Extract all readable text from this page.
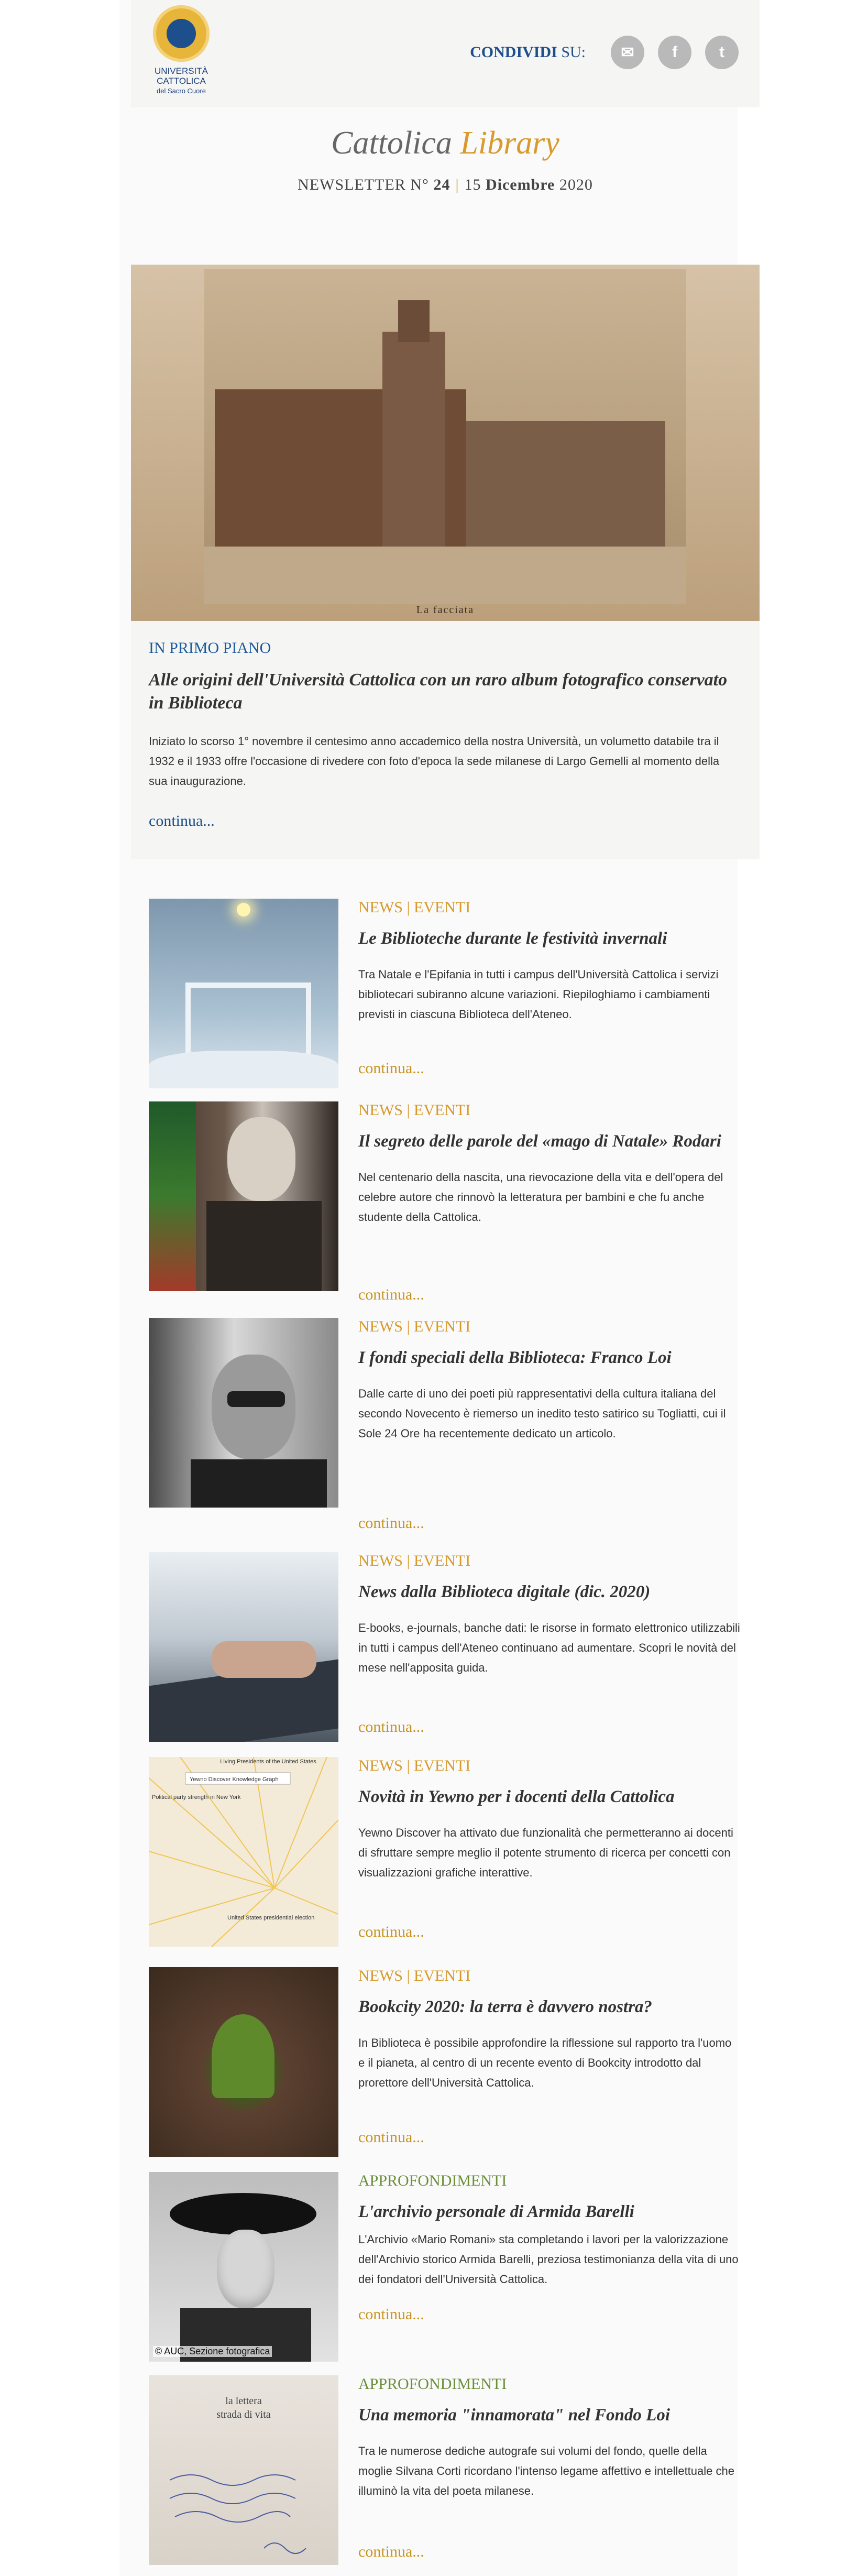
UNIVERSITÀ
CATTOLICA
del Sacro Cuore
CONDIVIDI SU:	✉	f	t
Cattolica Library
NEWSLETTER N° 24 | 15 Dicembre 2020
La facciata
IN PRIMO PIANO
Alle origini dell'Università Cattolica con un raro album fotografico conservato in Biblioteca
Iniziato lo scorso 1° novembre il centesimo anno accademico della nostra Università, un volumetto databile tra il 1932 e il 1933 offre l'occasione di rivedere con foto d'epoca la sede milanese di Largo Gemelli al momento della sua inaugurazione.
continua...
NEWS | EVENTI
Le Biblioteche durante le festività invernali
Tra Natale e l'Epifania in tutti i campus dell'Università Cattolica i servizi bibliotecari subiranno alcune variazioni. Riepiloghiamo i cambiamenti previsti in ciascuna Biblioteca dell'Ateneo.
continua...
NEWS | EVENTI
Il segreto delle parole del «mago di Natale» Rodari
Nel centenario della nascita, una rievocazione della vita e dell'opera del celebre autore che rinnovò la letteratura per bambini e che fu anche studente della Cattolica.
continua...
NEWS | EVENTI
I fondi speciali della Biblioteca: Franco Loi
Dalle carte di uno dei poeti più rappresentativi della cultura italiana del secondo Novecento è riemerso un inedito testo satirico su Togliatti, cui il Sole 24 Ore ha recentemente dedicato un articolo.
continua...
NEWS | EVENTI
News dalla Biblioteca digitale (dic. 2020)
E-books, e-journals, banche dati: le risorse in formato elettronico utilizzabili in tutti i campus dell'Ateneo continuano ad aumentare. Scopri le novità del mese nell'apposita guida.
continua...
Living Presidents of the United States
Yewno Discover Knowledge Graph
Political party strength in New York
United States presidential election
NEWS | EVENTI
Novità in Yewno per i docenti della Cattolica
Yewno Discover ha attivato due funzionalità che permetteranno ai docenti di sfruttare sempre meglio il potente strumento di ricerca per concetti con visualizzazioni grafiche interattive.
continua...
NEWS | EVENTI
Bookcity 2020: la terra è davvero nostra?
In Biblioteca è possibile approfondire la riflessione sul rapporto tra l'uomo e il pianeta, al centro di un recente evento di Bookcity introdotto dal prorettore dell'Università Cattolica.
continua...
© AUC, Sezione fotografica
APPROFONDIMENTI
L'archivio personale di Armida Barelli
L'Archivio «Mario Romani» sta completando i lavori per la valorizzazione dell'Archivio storico Armida Barelli, preziosa testimonianza della vita di uno dei fondatori dell'Università Cattolica.
continua...
la lettera
strada di vita
APPROFONDIMENTI
Una memoria "innamorata" nel Fondo Loi
Tra le numerose dediche autografe sui volumi del fondo, quelle della moglie Silvana Corti ricordano l'intenso legame affettivo e intellettuale che illuminò la vita del poeta milanese.
continua...
